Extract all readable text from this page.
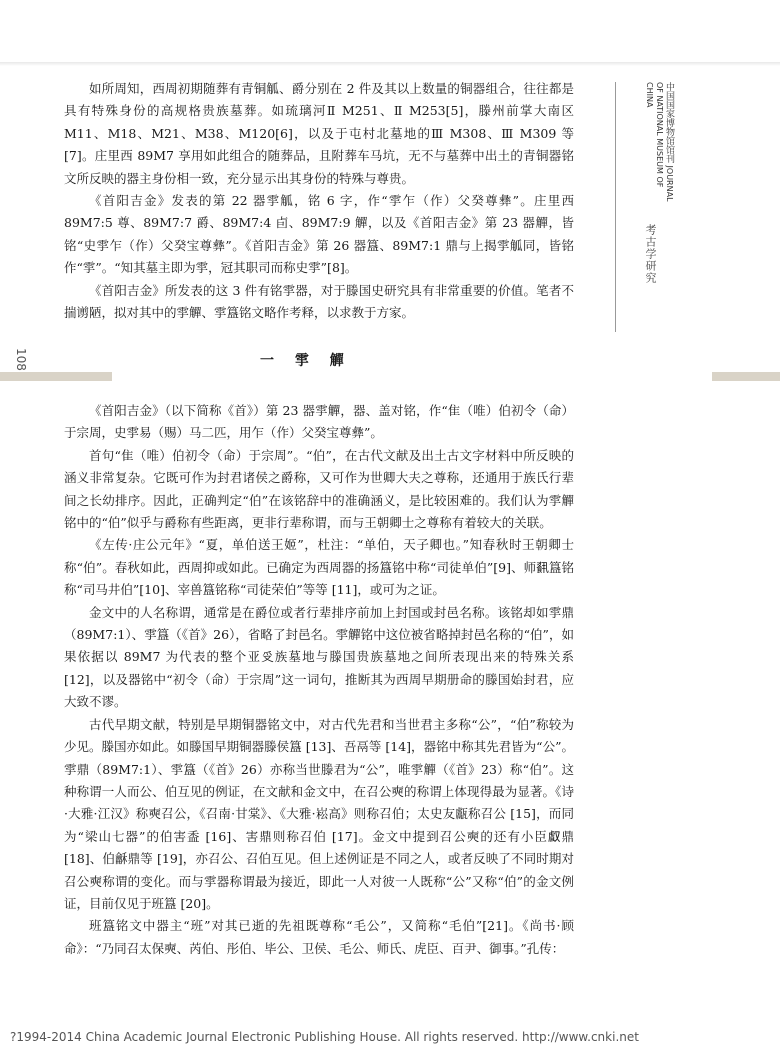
中国国家博物馆馆刊 JOURNAL OF NATIONAL MUSEUM OF CHINA
考古学研究

如所周知，西周初期随葬有青铜觚、爵分别在 2 件及其以上数量的铜器组合，往往都是具有特殊身份的高规格贵族墓葬。如琉璃河Ⅱ M251、Ⅱ M253[5]，滕州前掌大南区 M11、M18、M21、M38、M120[6]，以及于屯村北墓地的Ⅲ M308、Ⅲ M309 等 [7]。庄里西 89M7 享用如此组合的随葬品，且附葬车马坑，无不与墓葬中出土的青铜器铭文所反映的器主身份相一致，充分显示出其身份的特殊与尊贵。

《首阳吉金》发表的第 22 器𩁹觚，铭 6 字，作“𩁹乍（作）父癸尊彝”。庄里西 89M7:5 尊、89M7:7 爵、89M7:4 卣、89M7:9 觶，以及《首阳吉金》第 23 器觶，皆铭“史𩁹乍（作）父癸宝尊彝”。《首阳吉金》第 26 器簋、89M7:1 鼎与上揭𩁹觚同，皆铭作“𩁹”。“知其墓主即为𩁹，冠其职司而称史𩁹”[8]。

《首阳吉金》所发表的这 3 件有铭𩁹器，对于滕国史研究具有非常重要的价值。笔者不揣谫陋，拟对其中的𩁹觶、𩁹簋铭文略作考释，以求教于方家。

108	一 𩁹 觶

《首阳吉金》（以下简称《首》）第 23 器𩁹觶，器、盖对铭，作“隹（唯）伯初令（命）于宗周，史𩁹易（赐）马二匹，用乍（作）父癸宝尊彝”。

首句“隹（唯）伯初令（命）于宗周”。“伯”，在古代文献及出土古文字材料中所反映的涵义非常复杂。它既可作为封君诸侯之爵称，又可作为世卿大夫之尊称，还通用于族氏行辈间之长幼排序。因此，正确判定“伯”在该铭辞中的准确涵义，是比较困难的。我们认为𩁹觶铭中的“伯”似乎与爵称有些距离，更非行辈称谓，而与王朝卿士之尊称有着较大的关联。

《左传·庄公元年》“夏，单伯送王姬”，杜注：“单伯，天子卿也。”知春秋时王朝卿士称“伯”。春秋如此，西周抑或如此。已确定为西周器的扬簋铭中称“司徒单伯”[9]、师𩛥簋铭称“司马井伯”[10]、宰兽簋铭称“司徒荣伯”等等 [11]，或可为之证。

金文中的人名称谓，通常是在爵位或者行辈排序前加上封国或封邑名称。该铭却如𩁹鼎（89M7:1）、𩁹簋（《首》26），省略了封邑名。𩁹觶铭中这位被省略掉封邑名称的“伯”，如果依据以 89M7 为代表的整个亚𠬪族墓地与滕国贵族墓地之间所表现出来的特殊关系 [12]，以及器铭中“初令（命）于宗周”这一词句，推断其为西周早期册命的滕国始封君，应大致不谬。

古代早期文献，特别是早期铜器铭文中，对古代先君和当世君主多称“公”，“伯”称较为少见。滕国亦如此。如滕国早期铜器滕侯簋 [13]、吾鬲等 [14]，器铭中称其先君皆为“公”。𩁹鼎（89M7:1）、𩁹簋（《首》26）亦称当世滕君为“公”，唯𩁹觶（《首》23）称“伯”。这种称谓一人而公、伯互见的例证，在文献和金文中，在召公奭的称谓上体现得最为显著。《诗·大雅·江汉》称奭召公，《召南·甘棠》、《大雅·崧高》则称召伯；太史友甗称召公 [15]，而同为“梁山七器”的伯害盉 [16]、害鼎则称召伯 [17]。金文中提到召公奭的还有小臣𠭯鼎 [18]、伯龢鼎等 [19]，亦召公、召伯互见。但上述例证是不同之人，或者反映了不同时期对召公奭称谓的变化。而与𩁹器称谓最为接近，即此一人对彼一人既称“公”又称“伯”的金文例证，目前仅见于班簋 [20]。

班簋铭文中器主“班”对其已逝的先祖既尊称“毛公”，又简称“毛伯”[21]。《尚书·顾命》：“乃同召太保奭、芮伯、彤伯、毕公、卫侯、毛公、师氏、虎臣、百尹、御事。”孔传：

?1994-2014 China Academic Journal Electronic Publishing House. All rights reserved. http://www.cnki.net
